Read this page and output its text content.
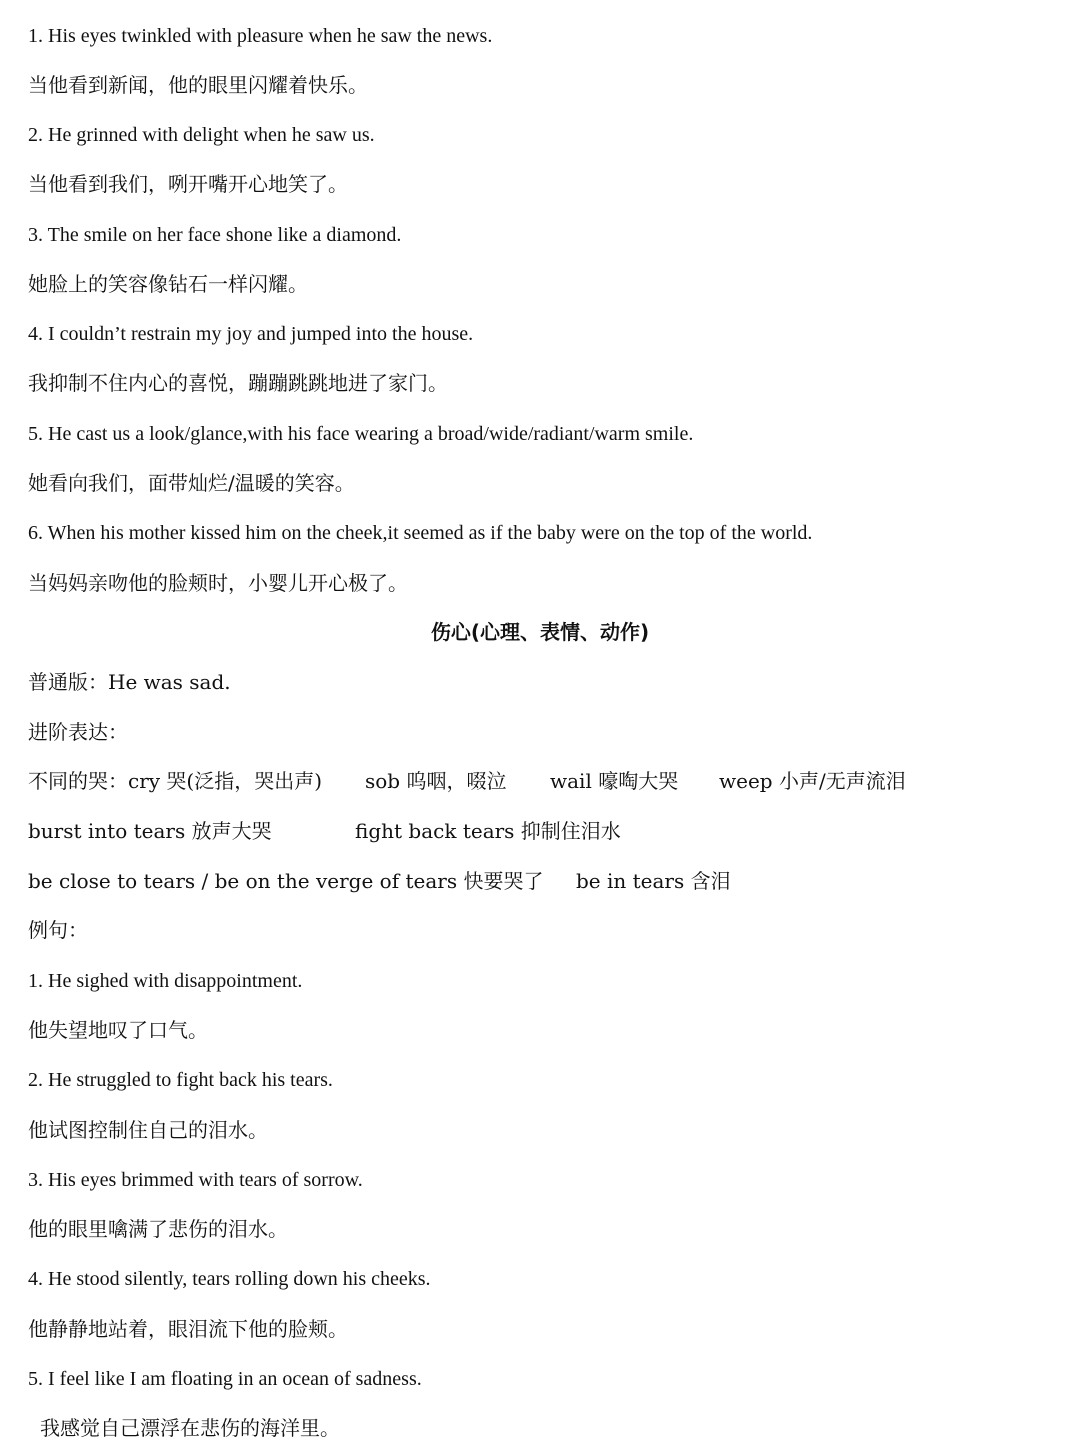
1. His eyes twinkled with pleasure when he saw the news.
当他看到新闻，他的眼里闪耀着快乐。
2. He grinned with delight when he saw us.
当他看到我们，咧开嘴开心地笑了。
3. The smile on her face shone like a diamond.
她脸上的笑容像钻石一样闪耀。
4. I couldn’t restrain my joy and jumped into the house.
我抑制不住内心的喜悦，蹦蹦跳跳地进了家门。
5. He cast us a look/glance,with his face wearing a broad/wide/radiant/warm smile.
她看向我们，面带灿烂/温暖的笑容。
6. When his mother kissed him on the cheek,it seemed as if the baby were on the top of the world.
当妈妈亲吻他的脸颊时，小婴儿开心极了。
伤心(心理、表情、动作)
普通版：He was sad.
进阶表达：
不同的哭：cry 哭(泛指，哭出声) sob 呜咽，啜泣 wail 嚎啕大哭 weep 小声/无声流泪
burst into tears 放声大哭	fight back tears 抑制住泪水
be close to tears / be on the verge of tears 快要哭了 be in tears 含泪
例句：
1. He sighed with disappointment.
他失望地叹了口气。
2. He struggled to fight back his tears.
他试图控制住自己的泪水。
3. His eyes brimmed with tears of sorrow.
他的眼里噙满了悲伤的泪水。
4. He stood silently, tears rolling down his cheeks.
他静静地站着，眼泪流下他的脸颊。
5. I feel like I am floating in an ocean of sadness.
我感觉自己漂浮在悲伤的海洋里。
